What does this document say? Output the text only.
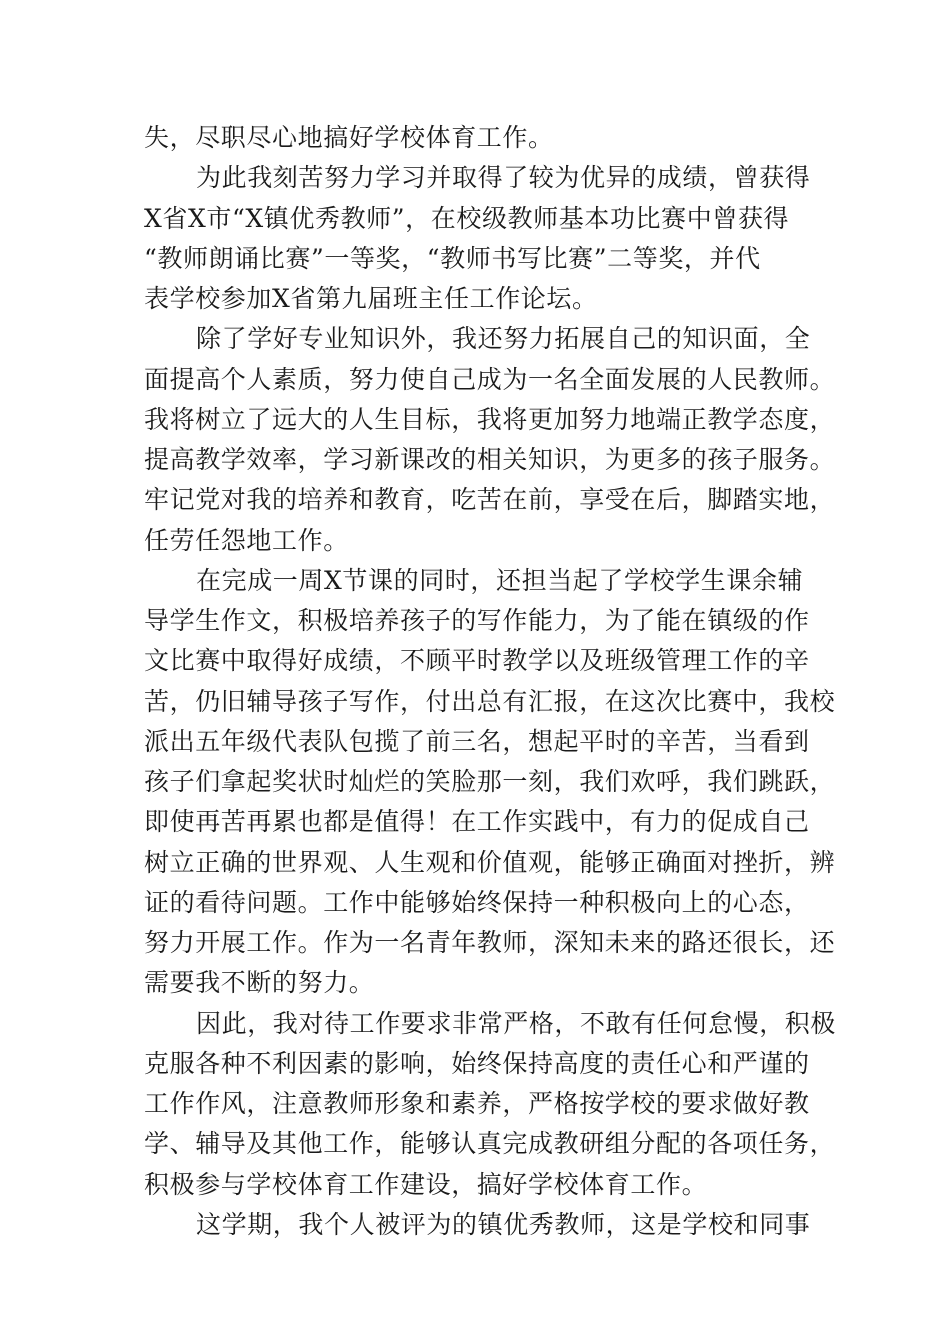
失，尽职尽心地搞好学校体育工作。
为此我刻苦努力学习并取得了较为优异的成绩，曾获得
X省X市“X镇优秀教师”，在校级教师基本功比赛中曾获得
“教师朗诵比赛”一等奖，“教师书写比赛”二等奖，并代
表学校参加X省第九届班主任工作论坛。
除了学好专业知识外，我还努力拓展自己的知识面，全
面提高个人素质，努力使自己成为一名全面发展的人民教师。
我将树立了远大的人生目标，我将更加努力地端正教学态度，
提高教学效率，学习新课改的相关知识，为更多的孩子服务。
牢记党对我的培养和教育，吃苦在前，享受在后，脚踏实地，
任劳任怨地工作。
在完成一周X节课的同时，还担当起了学校学生课余辅
导学生作文，积极培养孩子的写作能力，为了能在镇级的作
文比赛中取得好成绩，不顾平时教学以及班级管理工作的辛
苦，仍旧辅导孩子写作，付出总有汇报，在这次比赛中，我校
派出五年级代表队包揽了前三名，想起平时的辛苦，当看到
孩子们拿起奖状时灿烂的笑脸那一刻，我们欢呼，我们跳跃，
即使再苦再累也都是值得！在工作实践中，有力的促成自己
树立正确的世界观、人生观和价值观，能够正确面对挫折，辨
证的看待问题。工作中能够始终保持一种积极向上的心态，
努力开展工作。作为一名青年教师，深知未来的路还很长，还
需要我不断的努力。
因此，我对待工作要求非常严格，不敢有任何怠慢，积极
克服各种不利因素的影响，始终保持高度的责任心和严谨的
工作作风，注意教师形象和素养，严格按学校的要求做好教
学、辅导及其他工作，能够认真完成教研组分配的各项任务，
积极参与学校体育工作建设，搞好学校体育工作。
这学期，我个人被评为的镇优秀教师，这是学校和同事
